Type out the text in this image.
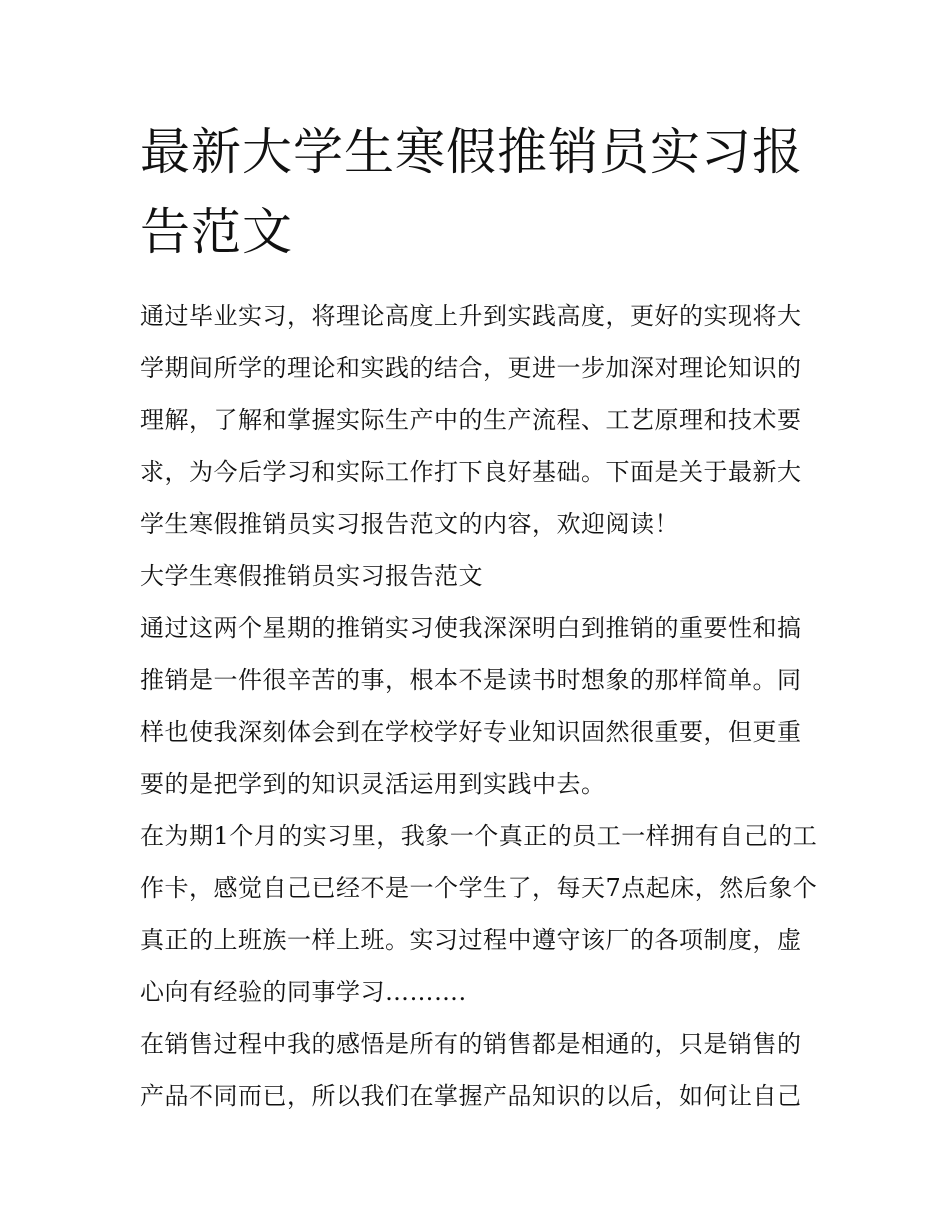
最新大学生寒假推销员实习报告范文

通过毕业实习，将理论高度上升到实践高度，更好的实现将大学期间所学的理论和实践的结合，更进一步加深对理论知识的理解，了解和掌握实际生产中的生产流程、工艺原理和技术要求，为今后学习和实际工作打下良好基础。下面是关于最新大学生寒假推销员实习报告范文的内容，欢迎阅读！

大学生寒假推销员实习报告范文

通过这两个星期的推销实习使我深深明白到推销的重要性和搞推销是一件很辛苦的事，根本不是读书时想象的那样简单。同样也使我深刻体会到在学校学好专业知识固然很重要，但更重要的是把学到的知识灵活运用到实践中去。

在为期1个月的实习里，我象一个真正的员工一样拥有自己的工作卡，感觉自己已经不是一个学生了，每天7点起床，然后象个真正的上班族一样上班。实习过程中遵守该厂的各项制度，虚心向有经验的同事学习……….

在销售过程中我的感悟是所有的销售都是相通的，只是销售的产品不同而已，所以我们在掌握产品知识的以后，如何让自己
